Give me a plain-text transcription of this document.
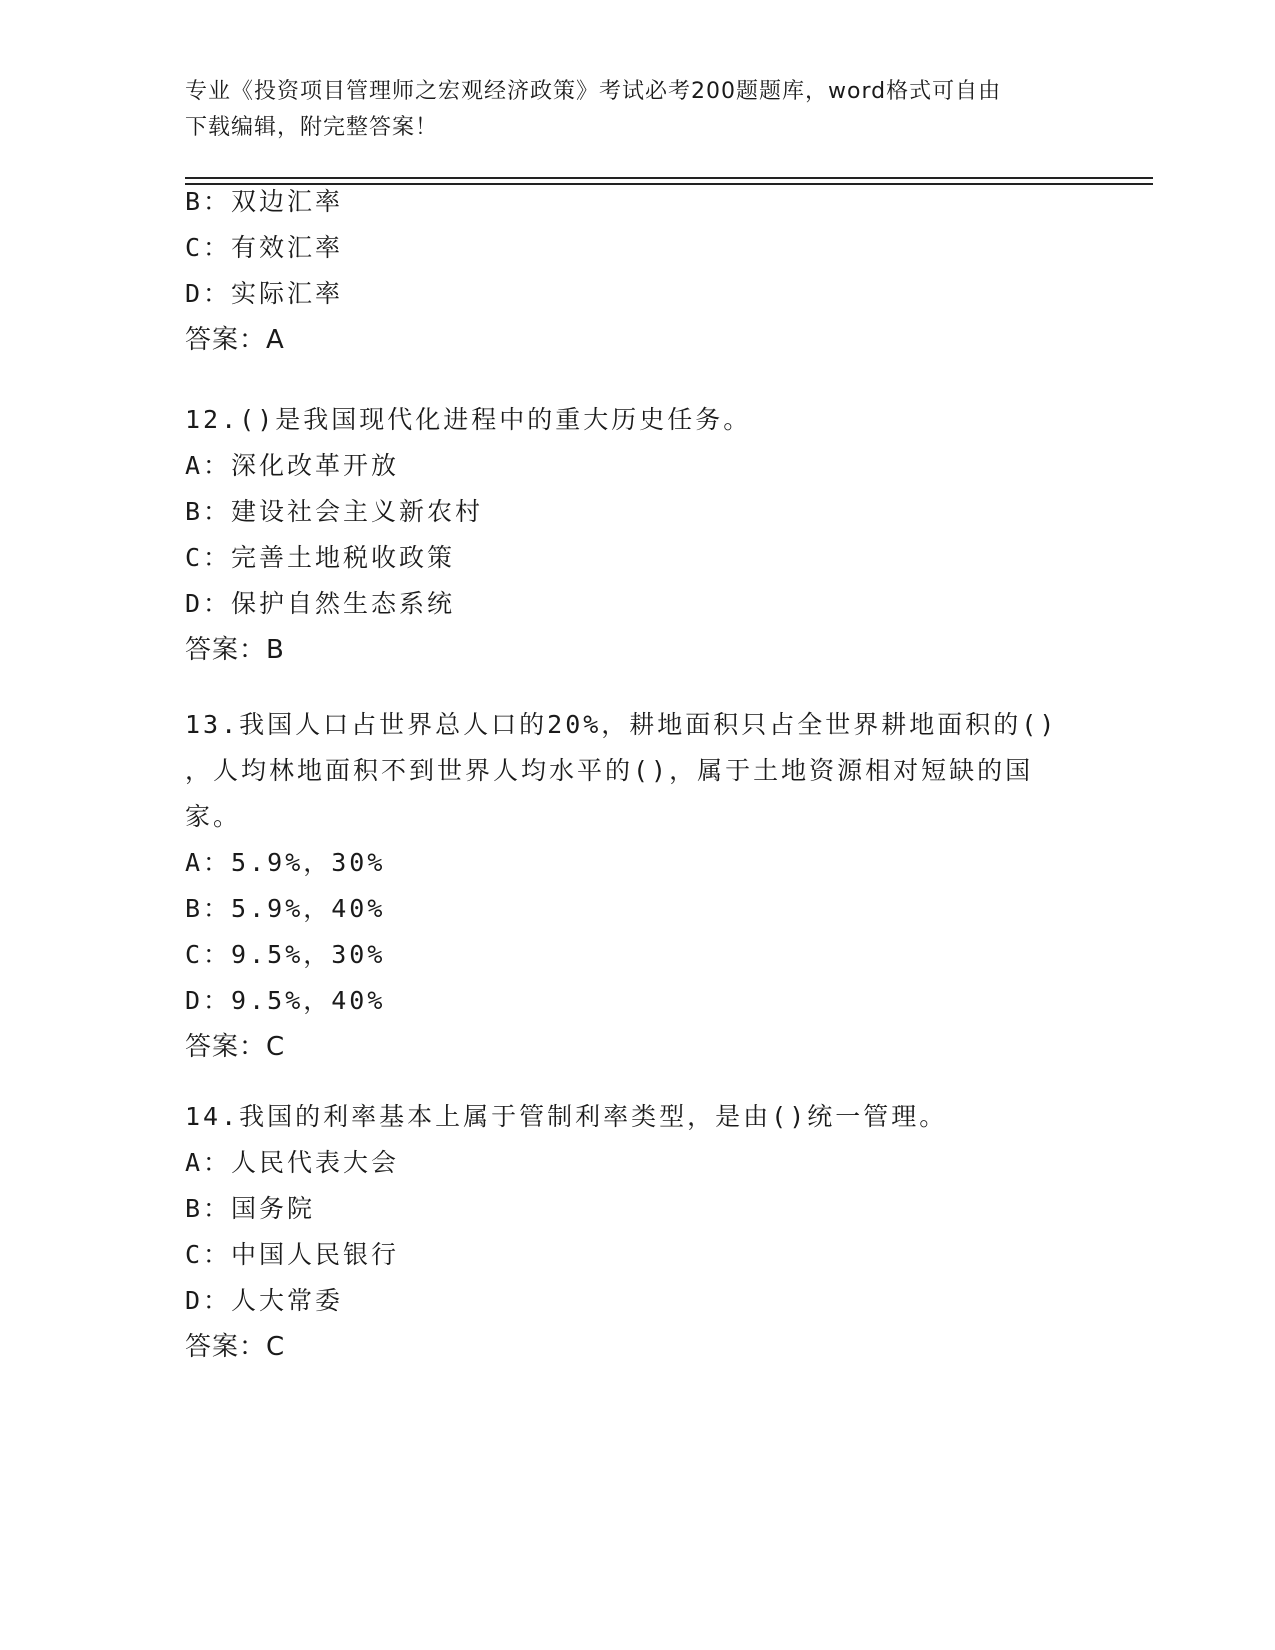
专业《投资项目管理师之宏观经济政策》考试必考200题题库，word格式可自由
下载编辑，附完整答案！
B：双边汇率
C：有效汇率
D：实际汇率
答案：A
12.()是我国现代化进程中的重大历史任务。
A：深化改革开放
B：建设社会主义新农村
C：完善土地税收政策
D：保护自然生态系统
答案：B
13.我国人口占世界总人口的20%，耕地面积只占全世界耕地面积的()
，人均林地面积不到世界人均水平的()，属于土地资源相对短缺的国
家。
A：5.9%，30%
B：5.9%，40%
C：9.5%，30%
D：9.5%，40%
答案：C
14.我国的利率基本上属于管制利率类型，是由()统一管理。
A：人民代表大会
B：国务院
C：中国人民银行
D：人大常委
答案：C
